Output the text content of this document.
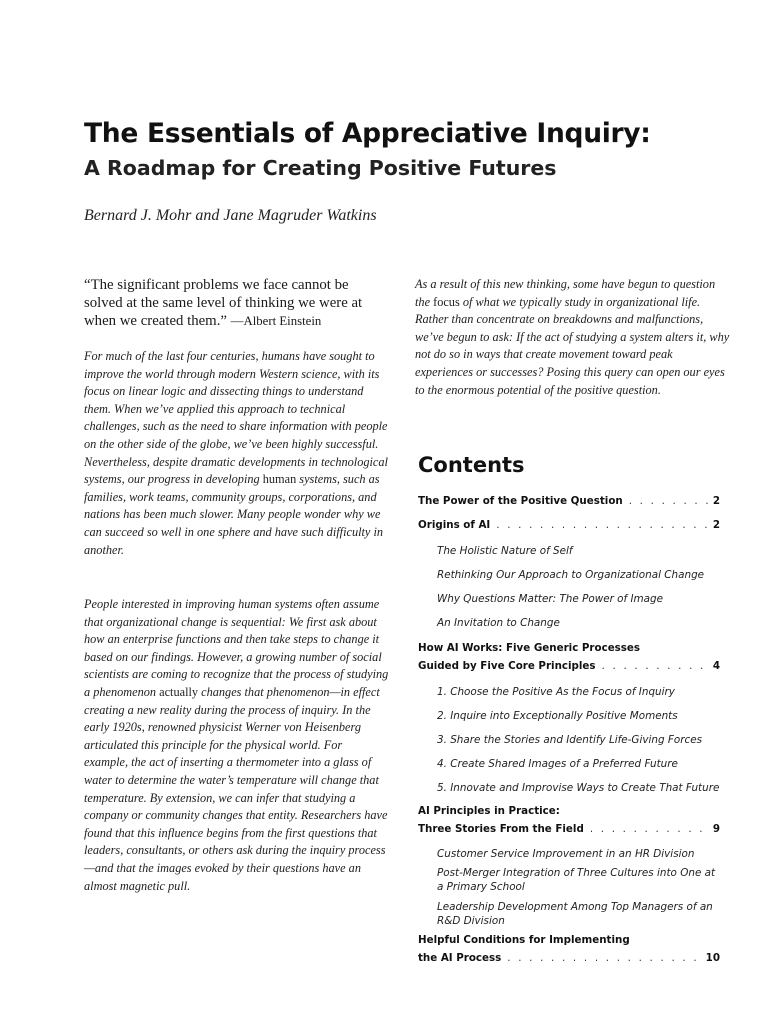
The Essentials of Appreciative Inquiry:
A Roadmap for Creating Positive Futures
Bernard J. Mohr and Jane Magruder Watkins
“The significant problems we face cannot be solved at the same level of thinking we were at when we created them.” —Albert Einstein

For much of the last four centuries, humans have sought to improve the world through modern Western science, with its focus on linear logic and dissecting things to understand them. When we’ve applied this approach to technical challenges, such as the need to share information with people on the other side of the globe, we’ve been highly successful. Nevertheless, despite dramatic developments in technological systems, our progress in developing human systems, such as families, work teams, community groups, corporations, and nations has been much slower. Many people wonder why we can succeed so well in one sphere and have such difficulty in another.

People interested in improving human systems often assume that organizational change is sequential: We first ask about how an enterprise functions and then take steps to change it based on our findings. However, a growing number of social scientists are coming to recognize that the process of studying a phenomenon actually changes that phenomenon—in effect creating a new reality during the process of inquiry. In the early 1920s, renowned physicist Werner von Heisenberg articulated this principle for the physical world. For example, the act of inserting a thermometer into a glass of water to determine the water’s temperature will change that temperature. By extension, we can infer that studying a company or community changes that entity. Researchers have found that this influence begins from the first questions that leaders, consultants, or others ask during the inquiry process—and that the images evoked by their questions have an almost magnetic pull.

As a result of this new thinking, some have begun to question the focus of what we typically study in organizational life. Rather than concentrate on breakdowns and malfunctions, we’ve begun to ask: If the act of studying a system alters it, why not do so in ways that create movement toward peak experiences or successes? Posing this query can open our eyes to the enormous potential of the positive question.

Contents
The Power of the Positive Question . . .	2
Origins of AI . . .	2
The Holistic Nature of Self
Rethinking Our Approach to Organizational Change
Why Questions Matter: The Power of Image
An Invitation to Change
How AI Works: Five Generic Processes
Guided by Five Core Principles . . .	4
1. Choose the Positive As the Focus of Inquiry
2. Inquire into Exceptionally Positive Moments
3. Share the Stories and Identify Life-Giving Forces
4. Create Shared Images of a Preferred Future
5. Innovate and Improvise Ways to Create That Future
AI Principles in Practice:
Three Stories From the Field . . .	9
Customer Service Improvement in an HR Division
Post-Merger Integration of Three Cultures into One at a Primary School
Leadership Development Among Top Managers of an R&D Division
Helpful Conditions for Implementing
the AI Process . . .	10
